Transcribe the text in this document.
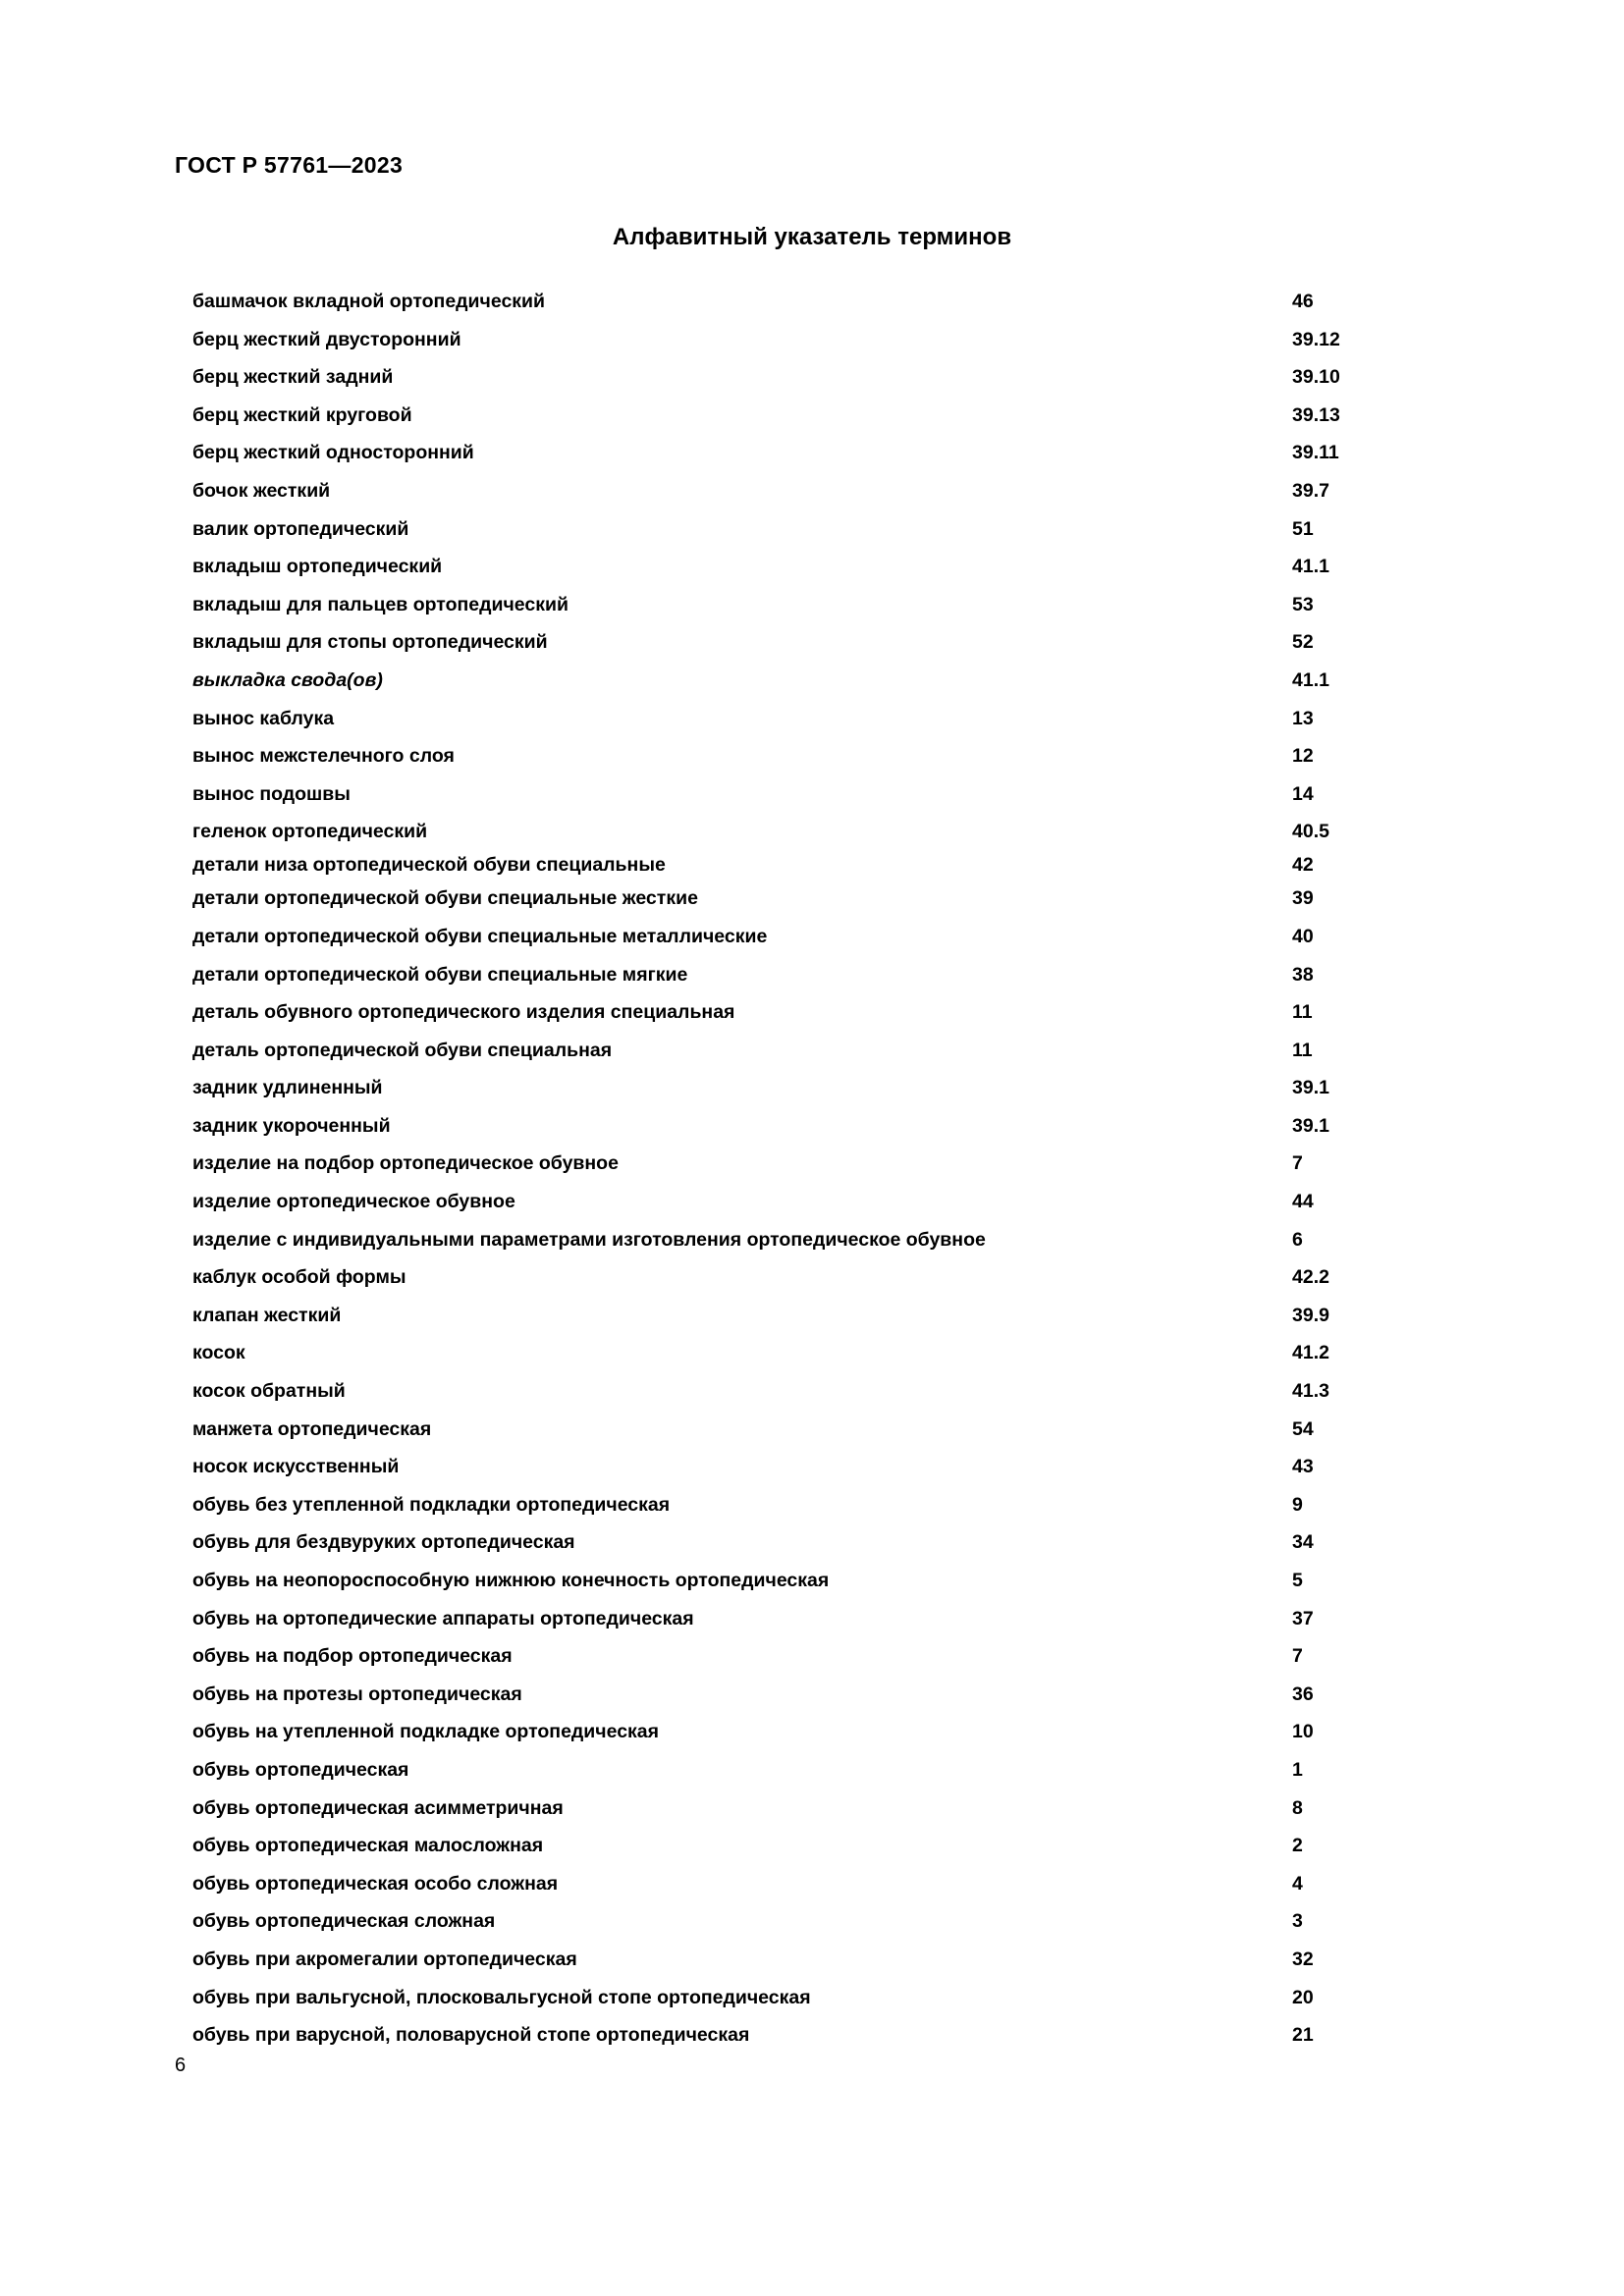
ГОСТ Р 57761—2023
Алфавитный указатель терминов
башмачок вкладной ортопедический	46
берц жесткий двусторонний	39.12
берц жесткий задний	39.10
берц жесткий круговой	39.13
берц жесткий односторонний	39.11
бочок жесткий	39.7
валик ортопедический	51
вкладыш ортопедический	41.1
вкладыш для пальцев ортопедический	53
вкладыш для стопы ортопедический	52
выкладка свода(ов)	41.1
вынос каблука	13
вынос межстелечного слоя	12
вынос подошвы	14
геленок ортопедический	40.5
детали низа ортопедической обуви специальные	42
детали ортопедической обуви специальные жесткие	39
детали ортопедической обуви специальные металлические	40
детали ортопедической обуви специальные мягкие	38
деталь обувного ортопедического изделия специальная	11
деталь ортопедической обуви специальная	11
задник удлиненный	39.1
задник укороченный	39.1
изделие на подбор ортопедическое обувное	7
изделие ортопедическое обувное	44
изделие с индивидуальными параметрами изготовления ортопедическое обувное	6
каблук особой формы	42.2
клапан жесткий	39.9
косок	41.2
косок обратный	41.3
манжета ортопедическая	54
носок искусственный	43
обувь без утепленной подкладки ортопедическая	9
обувь для бездвуруких ортопедическая	34
обувь на неопороспособную нижнюю конечность ортопедическая	5
обувь на ортопедические аппараты ортопедическая	37
обувь на подбор ортопедическая	7
обувь на протезы ортопедическая	36
обувь на утепленной подкладке ортопедическая	10
обувь ортопедическая	1
обувь ортопедическая асимметричная	8
обувь ортопедическая малосложная	2
обувь ортопедическая особо сложная	4
обувь ортопедическая сложная	3
обувь при акромегалии ортопедическая	32
обувь при вальгусной, плосковальгусной стопе ортопедическая	20
обувь при варусной, половарусной стопе ортопедическая	21
6
